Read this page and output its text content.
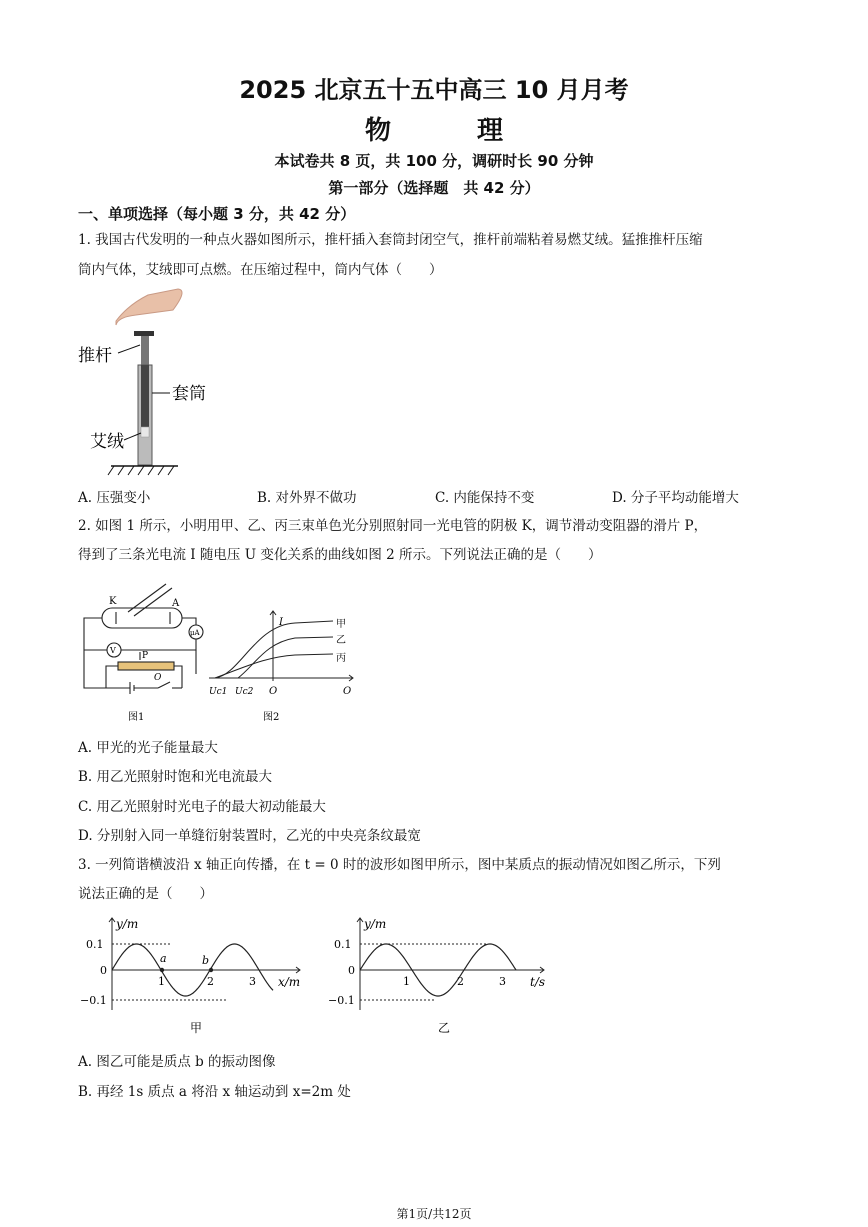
2025 北京五十五中高三 10 月月考
物　理
本试卷共 8 页，共 100 分，调研时长 90 分钟
第一部分（选择题　共 42 分）
一、单项选择（每小题 3 分，共 42 分）
1. 我国古代发明的一种点火器如图所示，推杆插入套筒封闭空气，推杆前端粘着易燃艾绒。猛推推杆压缩
筒内气体，艾绒即可点燃。在压缩过程中，筒内气体（　　）
推杆
套筒
艾绒
A. 压强变小	B. 对外界不做功	C. 内能保持不变	D. 分子平均动能增大
2. 如图 1 所示，小明用甲、乙、丙三束单色光分别照射同一光电管的阴极 K，调节滑动变阻器的滑片 P，
得到了三条光电流 I 随电压 U 变化关系的曲线如图 2 所示。下列说法正确的是（　　）
K	A
μA
V
P
O
图1
I	甲
乙
丙
Uc1 Uc2 O	O
图2
A. 甲光的光子能量最大
B. 用乙光照射时饱和光电流最大
C. 用乙光照射时光电子的最大初动能最大
D. 分别射入同一单缝衍射装置时，乙光的中央亮条纹最宽
3. 一列简谐横波沿 x 轴正向传播，在 t = 0 时的波形如图甲所示，图中某质点的振动情况如图乙所示，下列
说法正确的是（　　）
y/m
0.1
0
−0.1
1	2	3 x/m
a	b
甲
y/m
0.1
0
−0.1
1	2	3 t/s
乙
A. 图乙可能是质点 b 的振动图像
B. 再经 1s 质点 a 将沿 x 轴运动到 x=2m 处
第1页/共12页
